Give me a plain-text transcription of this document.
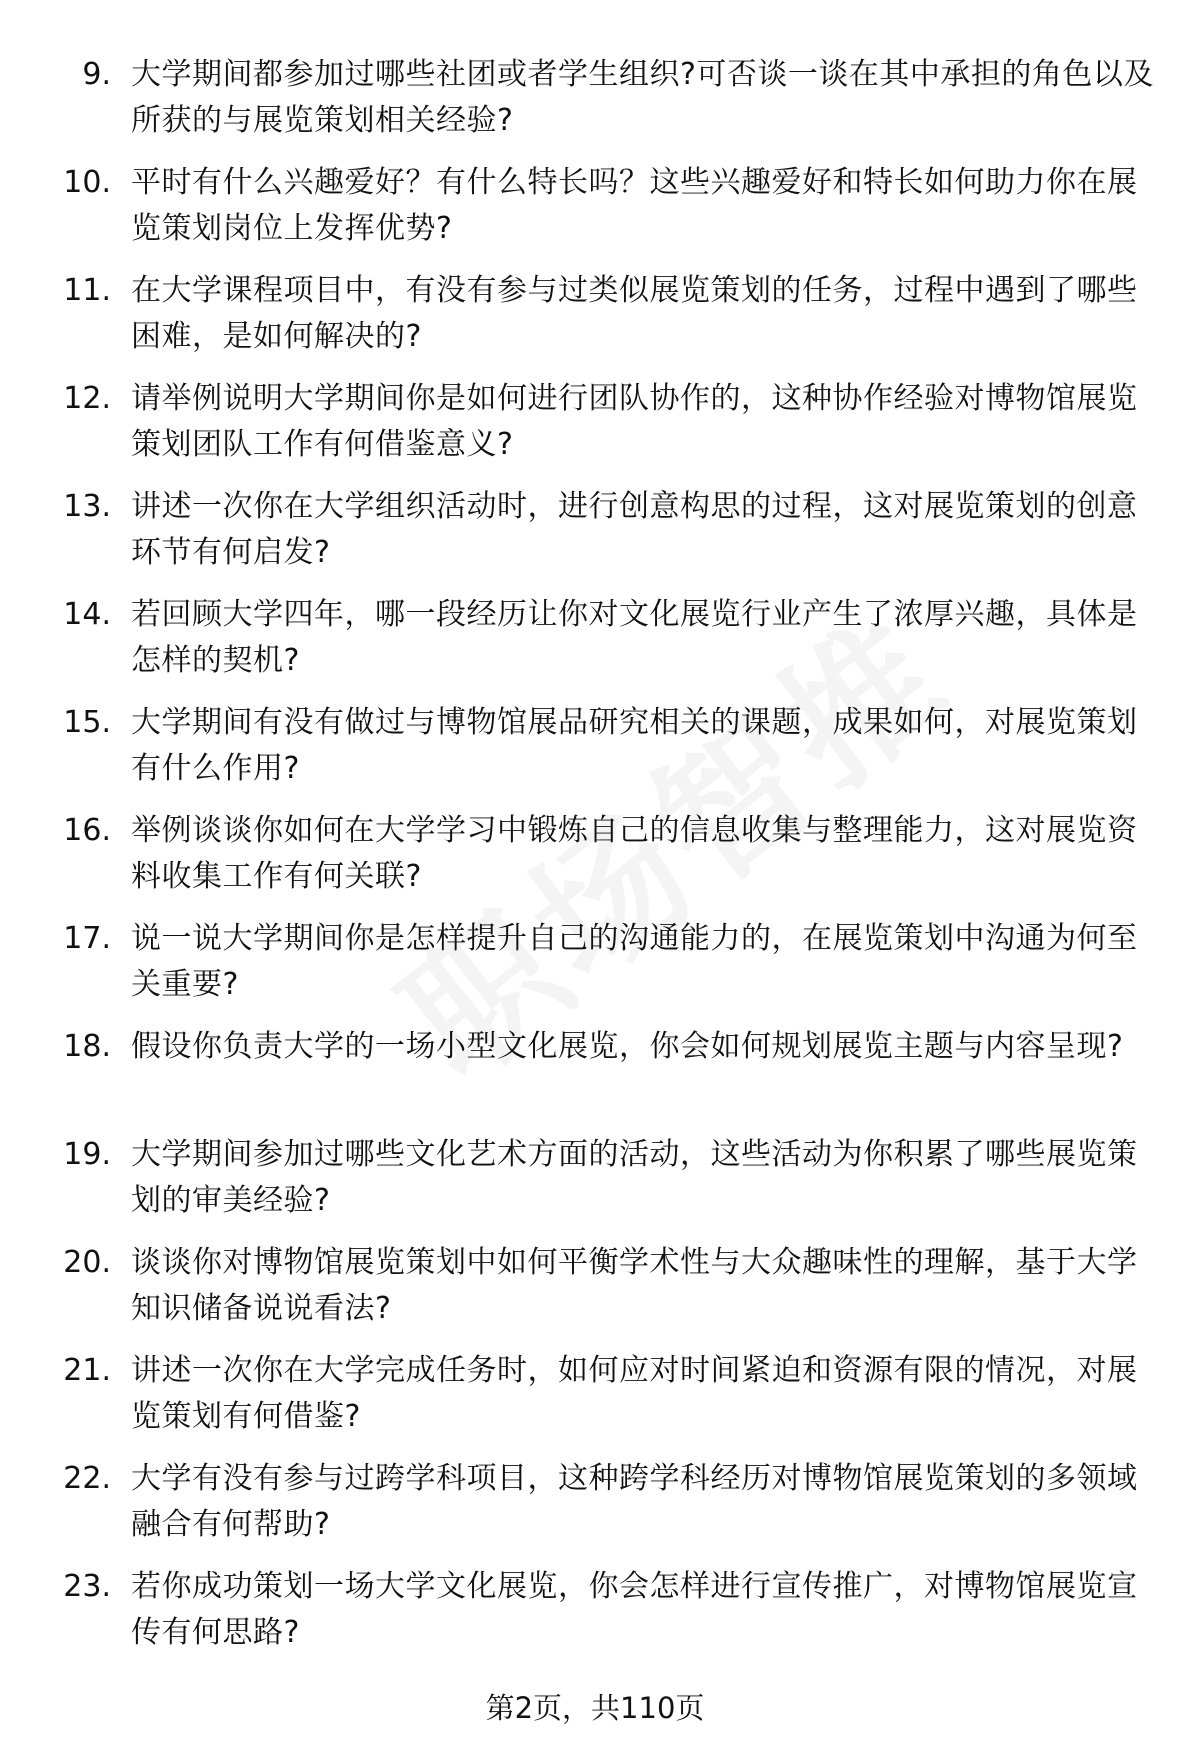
9. 大学期间都参加过哪些社团或者学生组织?可否谈一谈在其中承担的角色以及所获的与展览策划相关经验?
10. 平时有什么兴趣爱好？有什么特长吗？这些兴趣爱好和特长如何助力你在展览策划岗位上发挥优势?
11. 在大学课程项目中，有没有参与过类似展览策划的任务，过程中遇到了哪些困难，是如何解决的?
12. 请举例说明大学期间你是如何进行团队协作的，这种协作经验对博物馆展览策划团队工作有何借鉴意义?
13. 讲述一次你在大学组织活动时，进行创意构思的过程，这对展览策划的创意环节有何启发?
14. 若回顾大学四年，哪一段经历让你对文化展览行业产生了浓厚兴趣，具体是怎样的契机?
15. 大学期间有没有做过与博物馆展品研究相关的课题，成果如何，对展览策划有什么作用?
16. 举例谈谈你如何在大学学习中锻炼自己的信息收集与整理能力，这对展览资料收集工作有何关联?
17. 说一说大学期间你是怎样提升自己的沟通能力的，在展览策划中沟通为何至关重要?
18. 假设你负责大学的一场小型文化展览，你会如何规划展览主题与内容呈现?
19. 大学期间参加过哪些文化艺术方面的活动，这些活动为你积累了哪些展览策划的审美经验?
20. 谈谈你对博物馆展览策划中如何平衡学术性与大众趣味性的理解，基于大学知识储备说说看法?
21. 讲述一次你在大学完成任务时，如何应对时间紧迫和资源有限的情况，对展览策划有何借鉴?
22. 大学有没有参与过跨学科项目，这种跨学科经历对博物馆展览策划的多领域融合有何帮助?
23. 若你成功策划一场大学文化展览，你会怎样进行宣传推广，对博物馆展览宣传有何思路?
第2页，共110页
